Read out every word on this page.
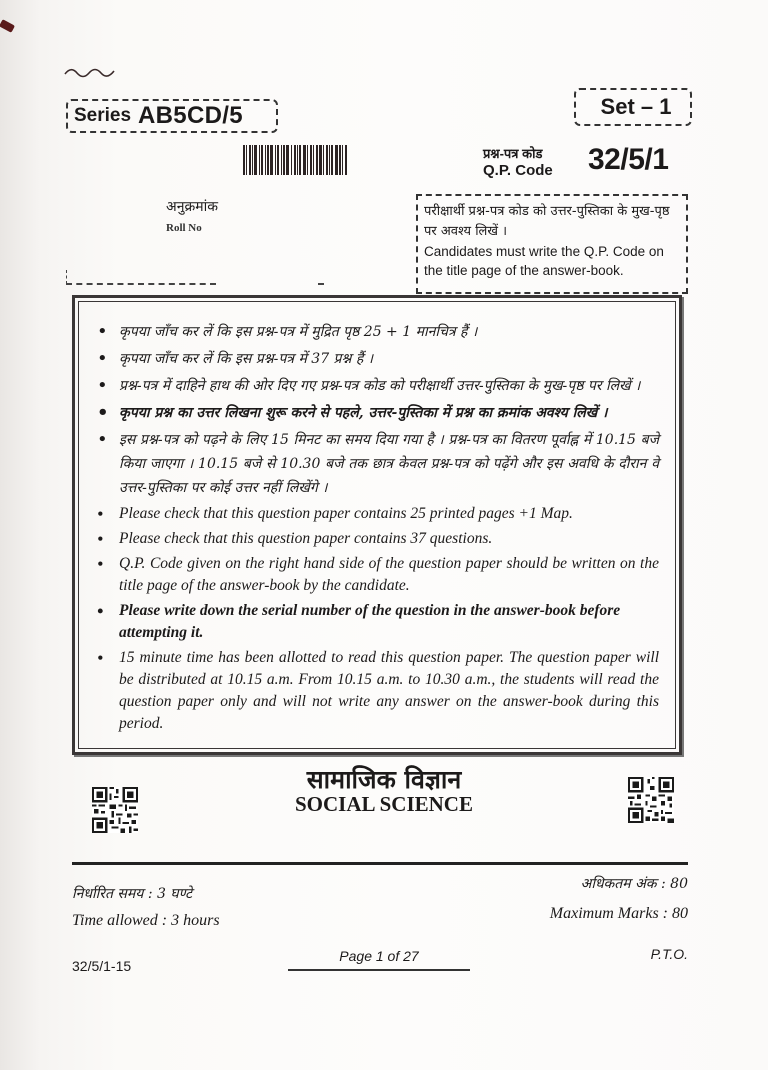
Series AB5CD/5	Set – 1
प्रश्न-पत्र कोड
Q.P. Code 32/5/1
अनुक्रमांक
Roll No
परीक्षार्थी प्रश्न-पत्र कोड को उत्तर-पुस्तिका के मुख-पृष्ठ पर अवश्य लिखें ।
Candidates must write the Q.P. Code on the title page of the answer-book.
• कृपया जाँच कर लें कि इस प्रश्न-पत्र में मुद्रित पृष्ठ 25 + 1 मानचित्र हैं ।
• कृपया जाँच कर लें कि इस प्रश्न-पत्र में 37 प्रश्न हैं ।
• प्रश्न-पत्र में दाहिने हाथ की ओर दिए गए प्रश्न-पत्र कोड को परीक्षार्थी उत्तर-पुस्तिका के मुख-पृष्ठ पर लिखें ।
• कृपया प्रश्न का उत्तर लिखना शुरू करने से पहले, उत्तर-पुस्तिका में प्रश्न का क्रमांक अवश्य लिखें ।
• इस प्रश्न-पत्र को पढ़ने के लिए 15 मिनट का समय दिया गया है । प्रश्न-पत्र का वितरण पूर्वाह्न में 10.15 बजे किया जाएगा । 10.15 बजे से 10.30 बजे तक छात्र केवल प्रश्न-पत्र को पढ़ेंगे और इस अवधि के दौरान वे उत्तर-पुस्तिका पर कोई उत्तर नहीं लिखेंगे ।
• Please check that this question paper contains 25 printed pages +1 Map.
• Please check that this question paper contains 37 questions.
• Q.P. Code given on the right hand side of the question paper should be written on the title page of the answer-book by the candidate.
• Please write down the serial number of the question in the answer-book before attempting it.
• 15 minute time has been allotted to read this question paper. The question paper will be distributed at 10.15 a.m. From 10.15 a.m. to 10.30 a.m., the students will read the question paper only and will not write any answer on the answer-book during this period.
सामाजिक विज्ञान
SOCIAL SCIENCE
निर्धारित समय : 3 घण्टे
Time allowed : 3 hours
अधिकतम अंक : 80
Maximum Marks : 80
32/5/1-15
Page 1 of 27	P.T.O.
